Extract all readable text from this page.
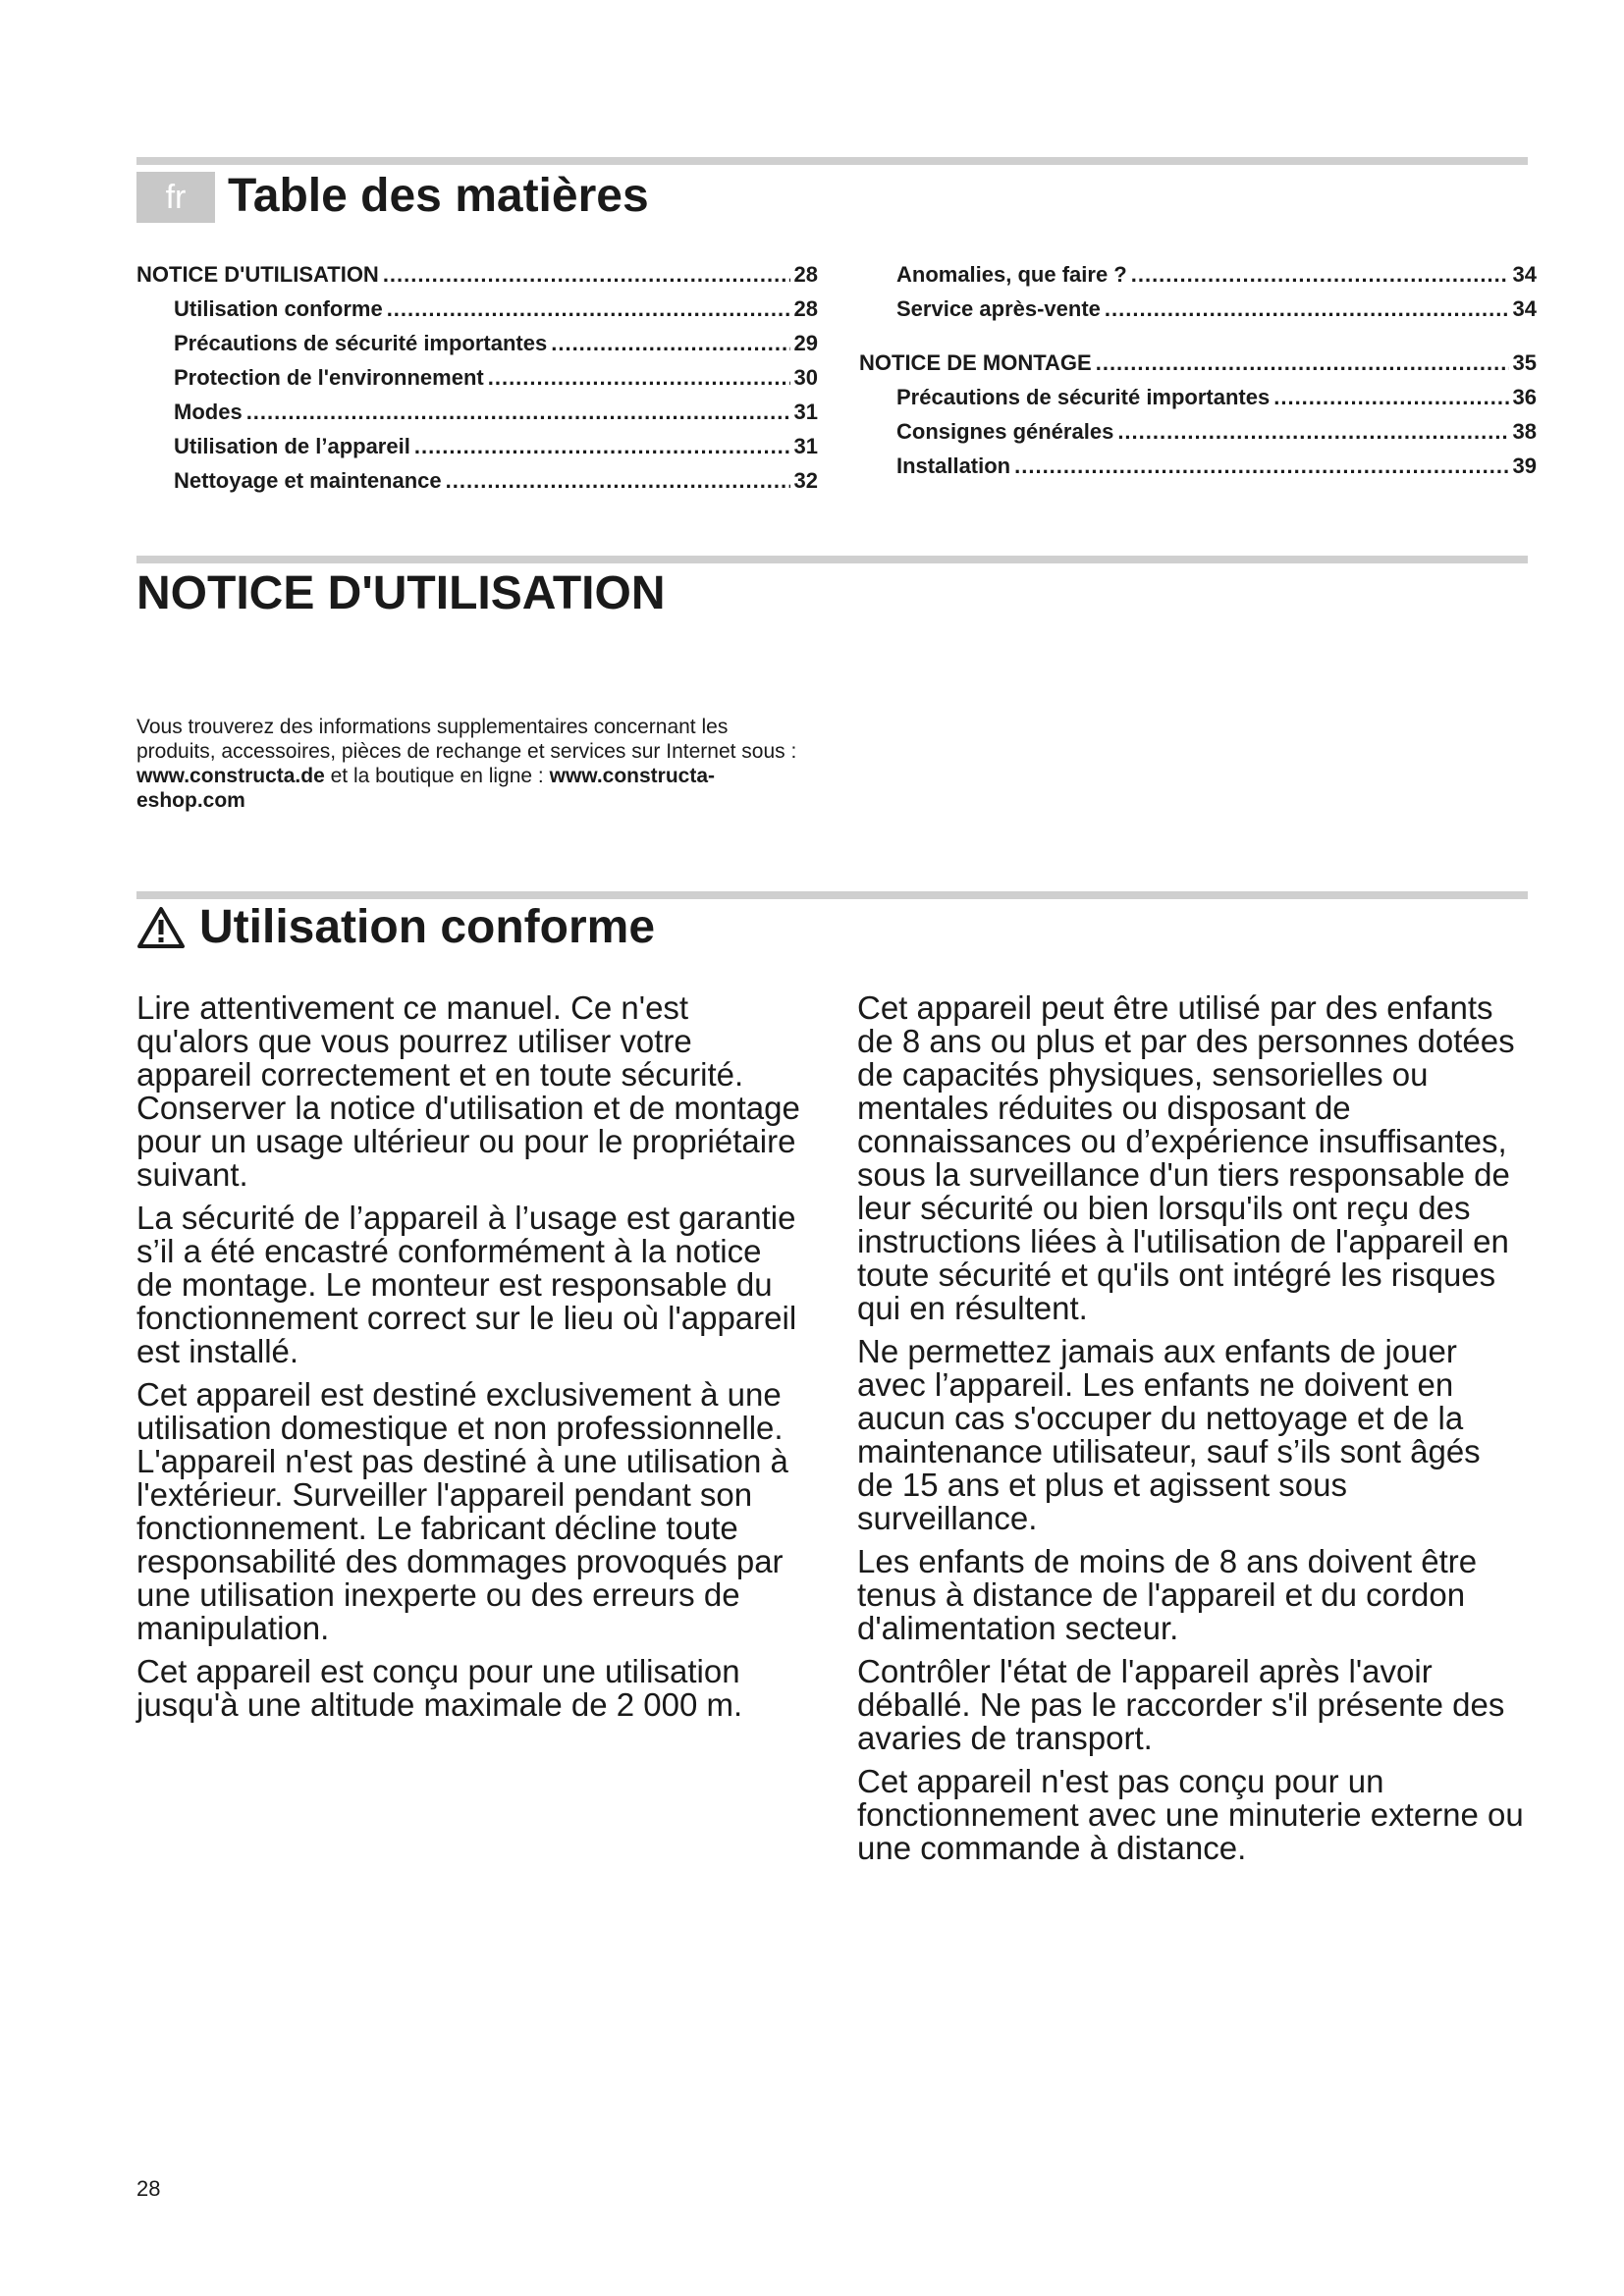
fr Table des matières
NOTICE D'UTILISATION .....	28
Utilisation conforme .....	28
Précautions de sécurité importantes .....	29
Protection de l'environnement .....	30
Modes .....	31
Utilisation de l’appareil .....	31
Nettoyage et maintenance .....	32
Anomalies, que faire ? .....	34
Service après-vente .....	34
NOTICE DE MONTAGE .....	35
Précautions de sécurité importantes .....	36
Consignes générales .....	38
Installation .....	39
NOTICE D'UTILISATION

Vous trouverez des informations supplementaires concernant les produits, accessoires, pièces de rechange et services sur Internet sous : www.constructa.de et la boutique en ligne : www.constructa-eshop.com

Utilisation conforme

Lire attentivement ce manuel. Ce n'est qu'alors que vous pourrez utiliser votre appareil correctement et en toute sécurité. Conserver la notice d'utilisation et de montage pour un usage ultérieur ou pour le propriétaire suivant.

La sécurité de l’appareil à l’usage est garantie s’il a été encastré conformément à la notice de montage. Le monteur est responsable du fonctionnement correct sur le lieu où l'appareil est installé.

Cet appareil est destiné exclusivement à une utilisation domestique et non professionnelle. L'appareil n'est pas destiné à une utilisation à l'extérieur. Surveiller l'appareil pendant son fonctionnement. Le fabricant décline toute responsabilité des dommages provoqués par une utilisation inexperte ou des erreurs de manipulation.

Cet appareil est conçu pour une utilisation jusqu'à une altitude maximale de 2 000 m.

Cet appareil peut être utilisé par des enfants de 8 ans ou plus et par des personnes dotées de capacités physiques, sensorielles ou mentales réduites ou disposant de connaissances ou d’expérience insuffisantes, sous la surveillance d'un tiers responsable de leur sécurité ou bien lorsqu'ils ont reçu des instructions liées à l'utilisation de l'appareil en toute sécurité et qu'ils ont intégré les risques qui en résultent.

Ne permettez jamais aux enfants de jouer avec l’appareil. Les enfants ne doivent en aucun cas s'occuper du nettoyage et de la maintenance utilisateur, sauf s’ils sont âgés de 15 ans et plus et agissent sous surveillance.

Les enfants de moins de 8 ans doivent être tenus à distance de l'appareil et du cordon d'alimentation secteur.

Contrôler l'état de l'appareil après l'avoir déballé. Ne pas le raccorder s'il présente des avaries de transport.

Cet appareil n'est pas conçu pour un fonctionnement avec une minuterie externe ou une commande à distance.

28
